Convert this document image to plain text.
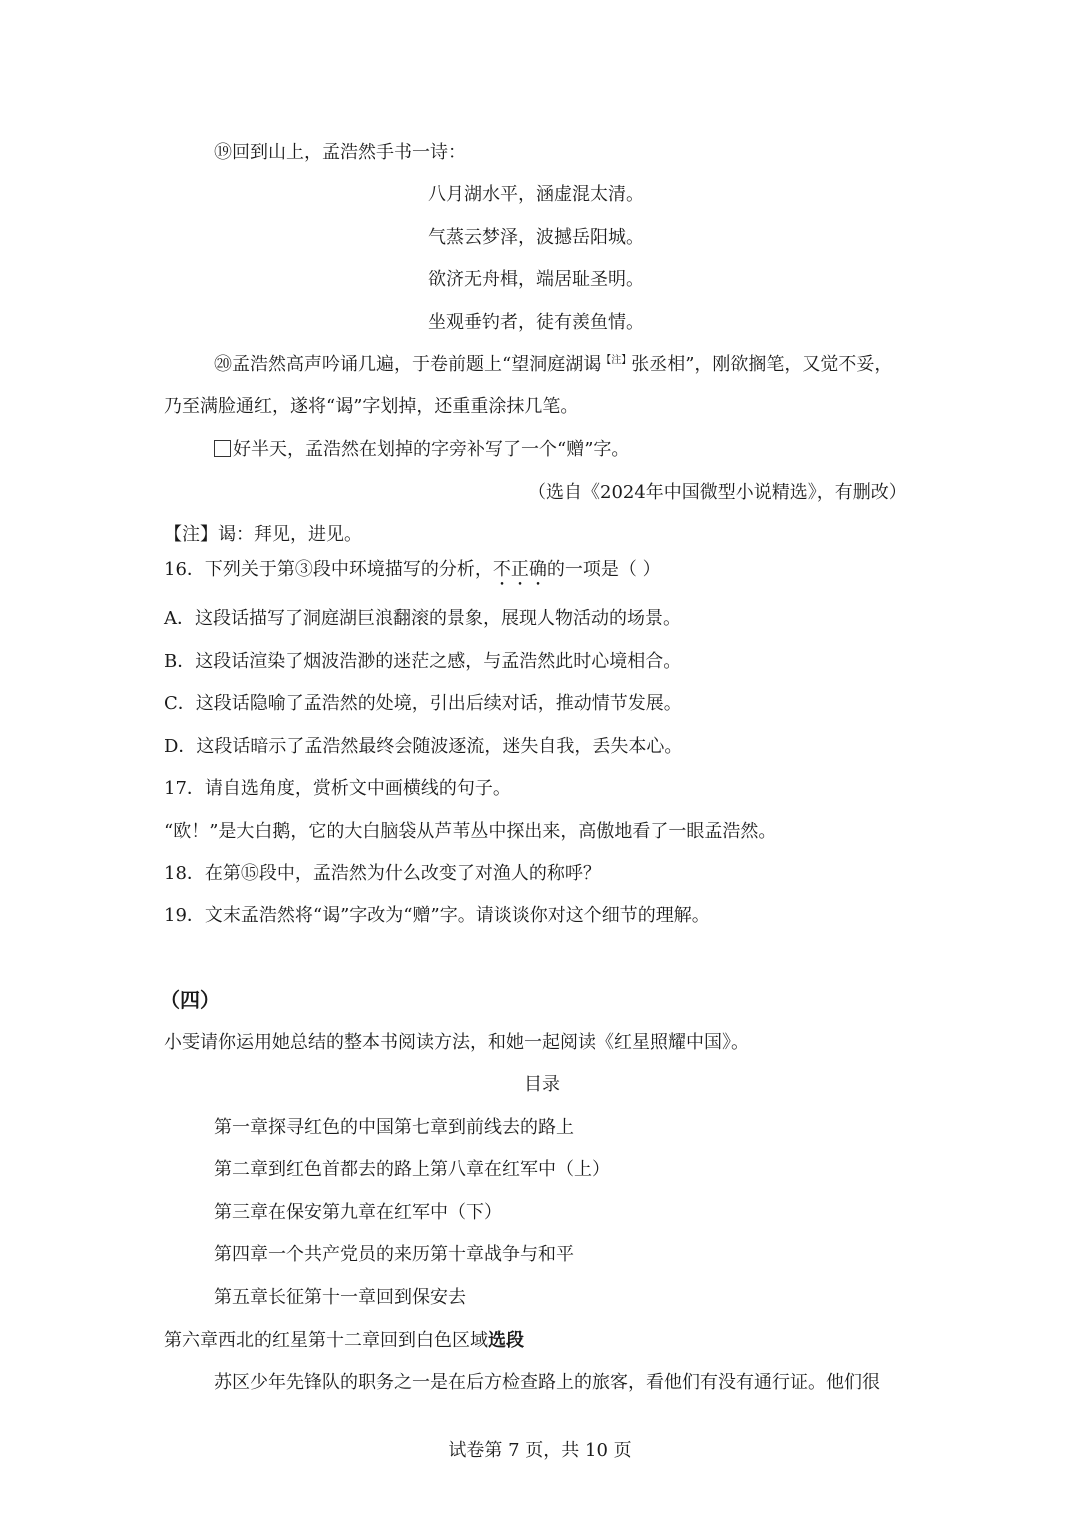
⑲回到山上，孟浩然手书一诗：
八月湖水平，涵虚混太清。
气蒸云梦泽，波撼岳阳城。
欲济无舟楫，端居耻圣明。
坐观垂钓者，徒有羡鱼情。
⑳孟浩然高声吟诵几遍，于卷前题上“望洞庭湖谒$^{【注】}$张丞相”，刚欲搁笔，又觉不妥，
乃至满脸通红，遂将“谒”字划掉，还重重涂抹几笔。
好半天，孟浩然在划掉的字旁补写了一个“赠”字。
（选自《2024年中国微型小说精选》，有删改）
【注】谒：拜见，进见。
16．下列关于第③段中环境描写的分析，不正确的一项是（ ）
A．这段话描写了洞庭湖巨浪翻滚的景象，展现人物活动的场景。
B．这段话渲染了烟波浩渺的迷茫之感，与孟浩然此时心境相合。
C．这段话隐喻了孟浩然的处境，引出后续对话，推动情节发展。
D．这段话暗示了孟浩然最终会随波逐流，迷失自我，丢失本心。
17．请自选角度，赏析文中画横线的句子。
“欧！”是大白鹅，它的大白脑袋从芦苇丛中探出来，高傲地看了一眼孟浩然。
18．在第⑮段中，孟浩然为什么改变了对渔人的称呼？
19．文末孟浩然将“谒”字改为“赠”字。请谈谈你对这个细节的理解。
（四）
小雯请你运用她总结的整本书阅读方法，和她一起阅读《红星照耀中国》。
目录
第一章探寻红色的中国第七章到前线去的路上
第二章到红色首都去的路上第八章在红军中（上）
第三章在保安第九章在红军中（下）
第四章一个共产党员的来历第十章战争与和平
第五章长征第十一章回到保安去
第六章西北的红星第十二章回到白色区域选段
苏区少年先锋队的职务之一是在后方检查路上的旅客，看他们有没有通行证。他们很
试卷第 7 页，共 10 页
